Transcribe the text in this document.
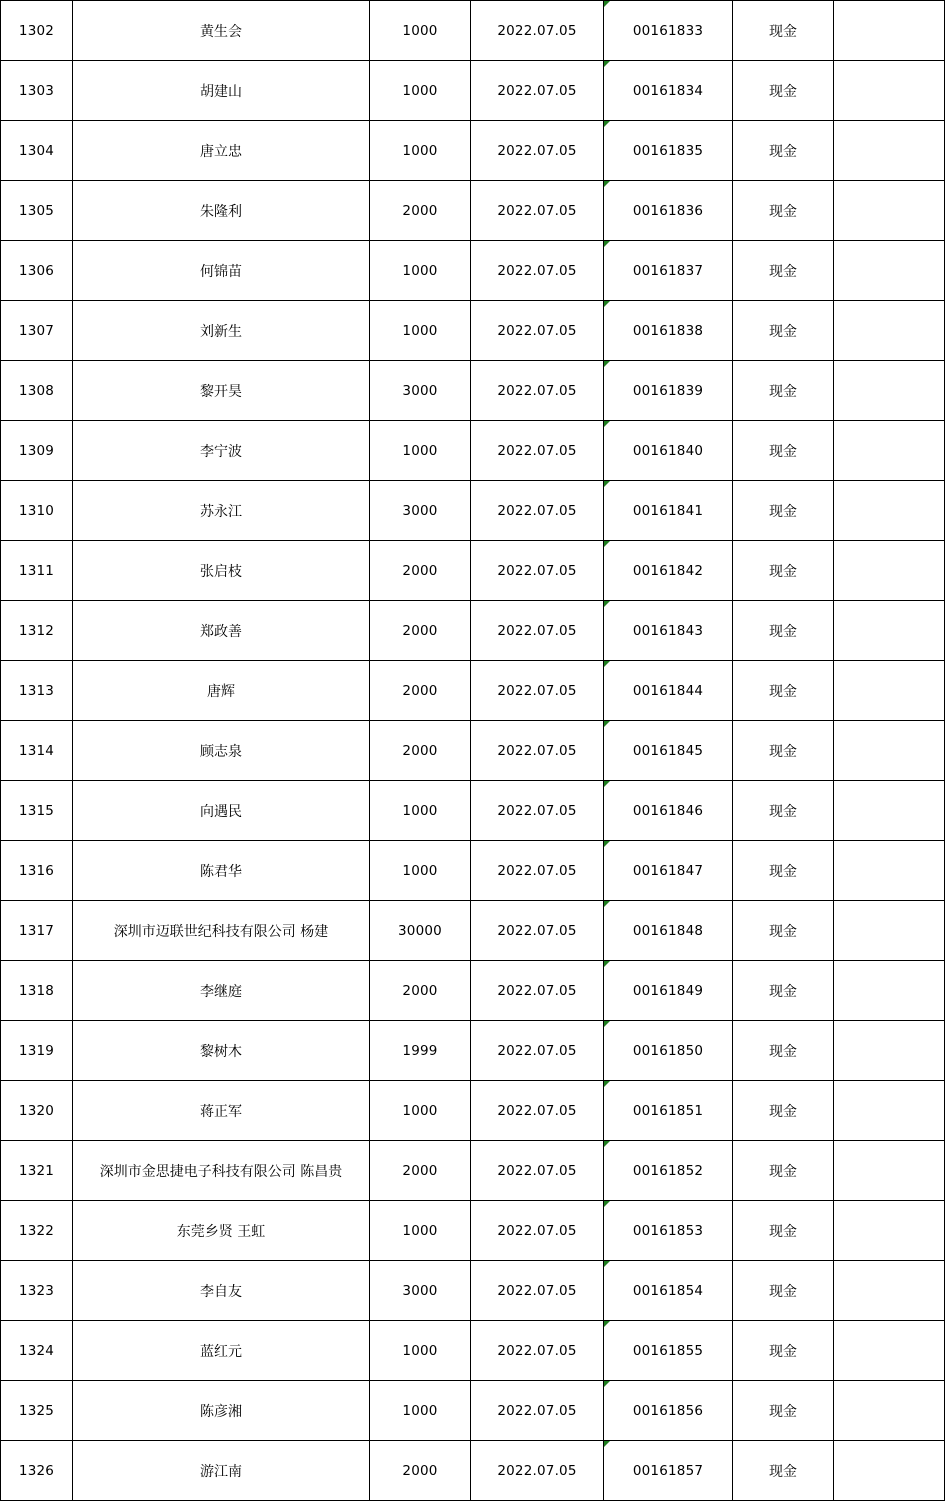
1302	黄生会	1000	2022.07.05	00161833	现金	
1303	胡建山	1000	2022.07.05	00161834	现金	
1304	唐立忠	1000	2022.07.05	00161835	现金	
1305	朱隆利	2000	2022.07.05	00161836	现金	
1306	何锦苗	1000	2022.07.05	00161837	现金	
1307	刘新生	1000	2022.07.05	00161838	现金	
1308	黎开昊	3000	2022.07.05	00161839	现金	
1309	李宁波	1000	2022.07.05	00161840	现金	
1310	苏永江	3000	2022.07.05	00161841	现金	
1311	张启枝	2000	2022.07.05	00161842	现金	
1312	郑政善	2000	2022.07.05	00161843	现金	
1313	唐辉	2000	2022.07.05	00161844	现金	
1314	顾志泉	2000	2022.07.05	00161845	现金	
1315	向遇民	1000	2022.07.05	00161846	现金	
1316	陈君华	1000	2022.07.05	00161847	现金	
1317	深圳市迈联世纪科技有限公司 杨建	30000	2022.07.05	00161848	现金	
1318	李继庭	2000	2022.07.05	00161849	现金	
1319	黎树木	1999	2022.07.05	00161850	现金	
1320	蒋正军	1000	2022.07.05	00161851	现金	
1321	深圳市金思捷电子科技有限公司 陈昌贵	2000	2022.07.05	00161852	现金	
1322	东莞乡贤 王虹	1000	2022.07.05	00161853	现金	
1323	李自友	3000	2022.07.05	00161854	现金	
1324	蓝红元	1000	2022.07.05	00161855	现金	
1325	陈彦湘	1000	2022.07.05	00161856	现金	
1326	游江南	2000	2022.07.05	00161857	现金	
